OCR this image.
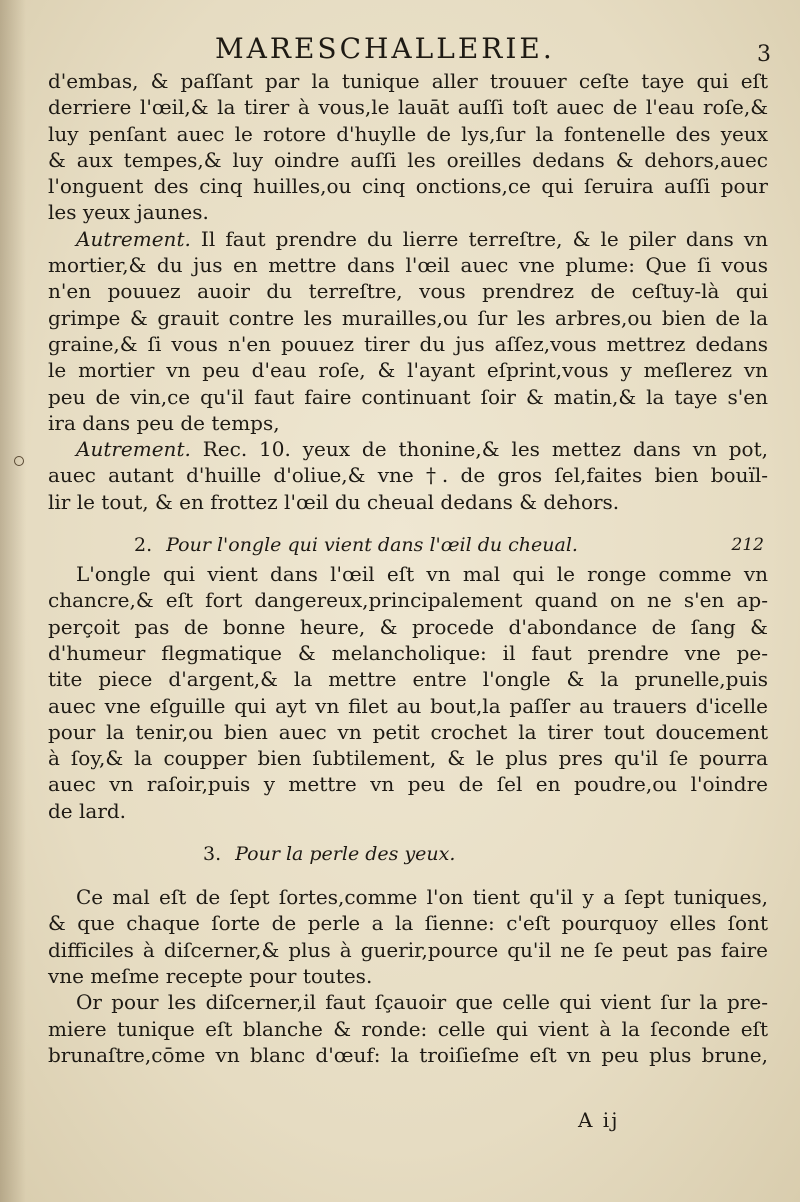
MARESCHALLERIE.	3
d'embas, & paſſant par la tunique aller trouuer ceſte taye qui eſt
derriere l'œil,& la tirer à vous,le lauāt auſſi toſt auec de l'eau roſe,&
luy penſant auec le rotore d'huylle de lys,ſur la fontenelle des yeux
& aux tempes,& luy oindre auſſi les oreilles dedans & dehors,auec
l'onguent des cinq huilles,ou cinq onctions,ce qui ſeruira auſſi pour
les yeux jaunes.
Autrement. Il faut prendre du lierre terreſtre, & le piler dans vn
mortier,& du jus en mettre dans l'œil auec vne plume: Que ſi vous
n'en pouuez auoir du terreſtre, vous prendrez de ceſtuy-là qui
grimpe & grauit contre les murailles,ou ſur les arbres,ou bien de la
graine,& ſi vous n'en pouuez tirer du jus aſſez,vous mettrez dedans
le mortier vn peu d'eau roſe, & l'ayant eſprint,vous y meſlerez vn
peu de vin,ce qu'il faut faire continuant ſoir & matin,& la taye s'en
ira dans peu de temps,
Autrement. Rec. 10. yeux de thonine,& les mettez dans vn pot,
auec autant d'huille d'oliue,& vne †. de gros ſel,faites bien bouïl-
lir le tout, & en frottez l'œil du cheual dedans & dehors.
2. Pour l'ongle qui vient dans l'œil du cheual.	212
L'ongle qui vient dans l'œil eſt vn mal qui le ronge comme vn
chancre,& eſt fort dangereux,principalement quand on ne s'en ap-
perçoit pas de bonne heure, & procede d'abondance de ſang &
d'humeur flegmatique & melancholique: il faut prendre vne pe-
tite piece d'argent,& la mettre entre l'ongle & la prunelle,puis
auec vne eſguille qui ayt vn filet au bout,la paſſer au trauers d'icelle
pour la tenir,ou bien auec vn petit crochet la tirer tout doucement
à ſoy,& la coupper bien ſubtilement, & le plus pres qu'il ſe pourra
auec vn raſoir,puis y mettre vn peu de ſel en poudre,ou l'oindre
de lard.
3. Pour la perle des yeux.
Ce mal eſt de ſept ſortes,comme l'on tient qu'il y a ſept tuniques,
& que chaque ſorte de perle a la ſienne: c'eſt pourquoy elles ſont
difficiles à diſcerner,& plus à guerir,pource qu'il ne ſe peut pas faire
vne meſme recepte pour toutes.
Or pour les diſcerner,il faut ſçauoir que celle qui vient ſur la pre-
miere tunique eſt blanche & ronde: celle qui vient à la ſeconde eſt
brunaſtre,cōme vn blanc d'œuf: la troiſieſme eſt vn peu plus brune,
A ij
